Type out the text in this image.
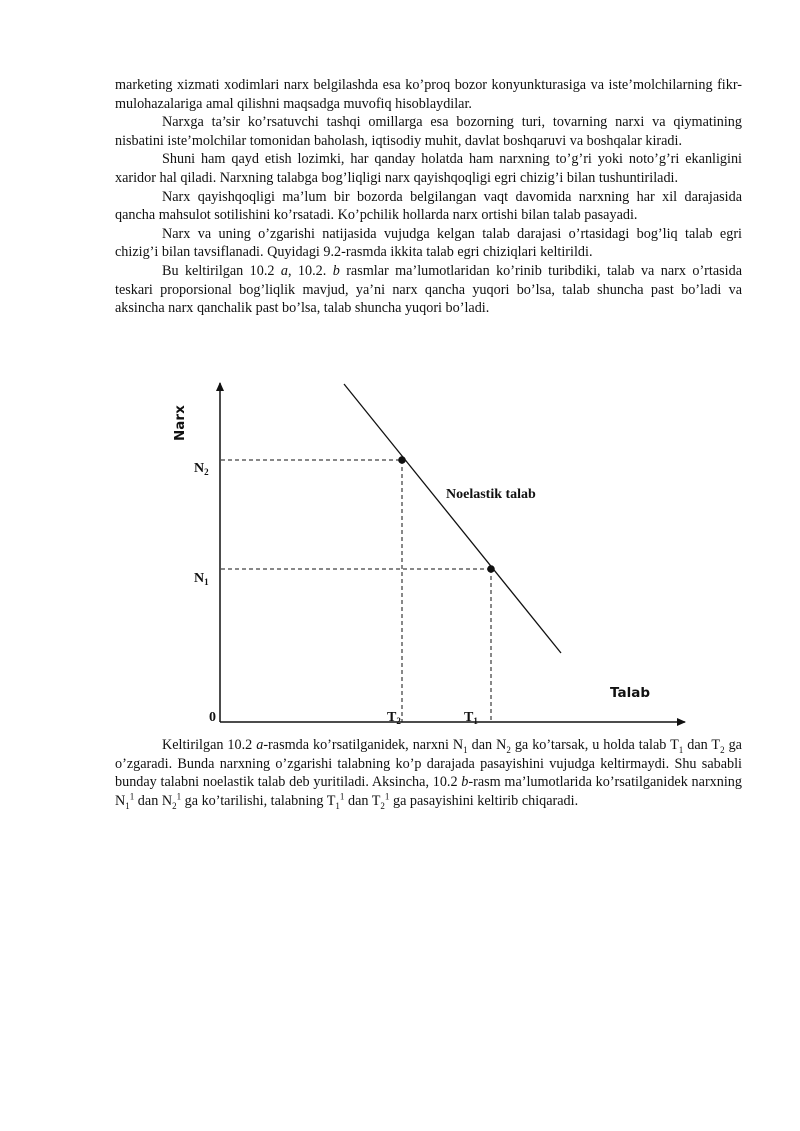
marketing xizmati xodimlari narx belgilashda esa ko’proq bozor konyunkturasiga va iste’molchilarning fikr-mulohazalariga amal qilishni maqsadga muvofiq hisoblaydilar.

Narxga ta’sir ko’rsatuvchi tashqi omillarga esa bozorning turi, tovarning narxi va qiymatining nisbatini iste’molchilar tomonidan baholash, iqtisodiy muhit, davlat boshqaruvi va boshqalar kiradi.

Shuni ham qayd etish lozimki, har qanday holatda ham narxning to’g’ri yoki noto’g’ri ekanligini xaridor hal qiladi. Narxning talabga bog’liqligi narx qayishqoqligi egri chizig’i bilan tushuntiriladi.

Narx qayishqoqligi ma’lum bir bozorda belgilangan vaqt davomida narxning har xil darajasida qancha mahsulot sotilishini ko’rsatadi. Ko’pchilik hollarda narx ortishi bilan talab pasayadi.

Narx va uning o’zgarishi natijasida vujudga kelgan talab darajasi o’rtasidagi bog’liq talab egri chizig’i bilan tavsiflanadi. Quyidagi 9.2-rasmda ikkita talab egri chiziqlari keltirildi.

Bu keltirilgan 10.2 a, 10.2. b rasmlar ma’lumotlaridan ko’rinib turibdiki, talab va narx o’rtasida teskari proporsional bog’liqlik mavjud, ya’ni narx qancha yuqori bo’lsa, talab shuncha past bo’ladi va aksincha narx qanchalik past bo’lsa, talab shuncha yuqori bo’ladi.

Narx
Talab
0
Noelastik talab
$N_2$
$N_1$
$T_2$	$T_1$

Keltirilgan 10.2 a-rasmda ko’rsatilganidek, narxni $N_1$ dan $N_2$ ga ko’tarsak, u holda talab $T_1$ dan $T_2$ ga o’zgaradi. Bunda narxning o’zgarishi talabning ko’p darajada pasayishini vujudga keltirmaydi. Shu sababli bunday talabni noelastik talab deb yuritiladi. Aksincha, 10.2 b-rasm ma’lumotlarida ko’rsatilganidek narxning $N_1^1$ dan $N_2^1$ ga ko’tarilishi, talabning $T_1^1$ dan $T_2^1$ ga pasayishini keltirib chiqaradi.
